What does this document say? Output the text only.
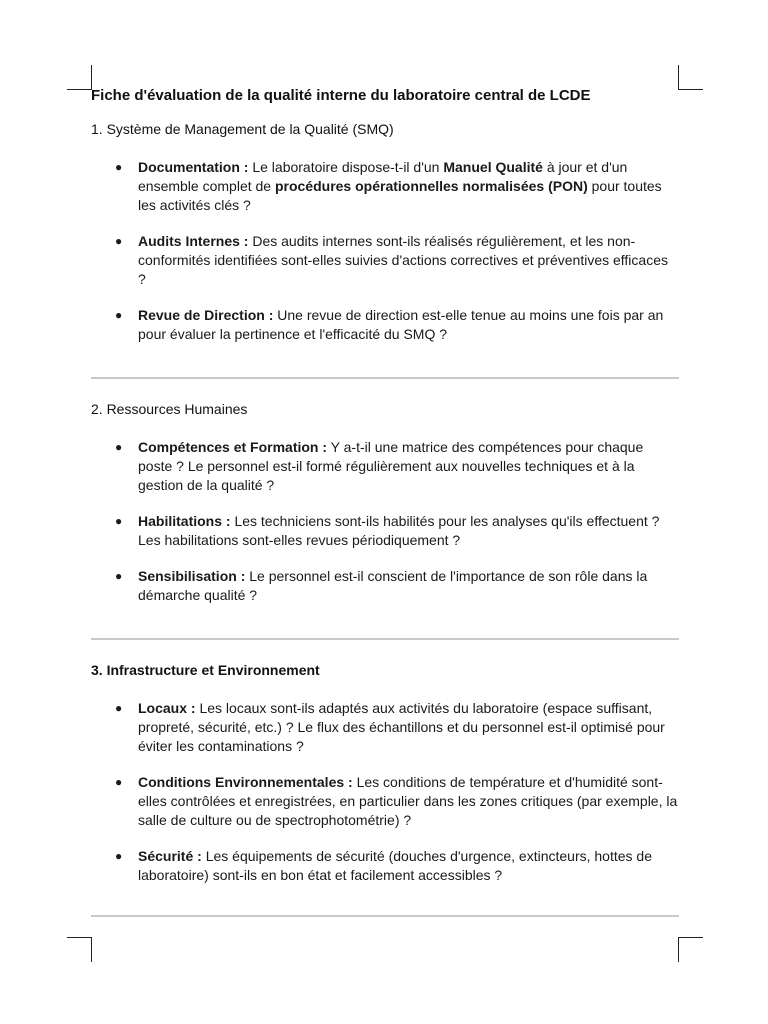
Fiche d'évaluation de la qualité interne du laboratoire central de LCDE
1. Système de Management de la Qualité (SMQ)
● Documentation : Le laboratoire dispose-t-il d'un Manuel Qualité à jour et d'un ensemble complet de procédures opérationnelles normalisées (PON) pour toutes les activités clés ?
● Audits Internes : Des audits internes sont-ils réalisés régulièrement, et les non-conformités identifiées sont-elles suivies d'actions correctives et préventives efficaces ?
● Revue de Direction : Une revue de direction est-elle tenue au moins une fois par an pour évaluer la pertinence et l'efficacité du SMQ ?
2. Ressources Humaines
● Compétences et Formation : Y a-t-il une matrice des compétences pour chaque poste ? Le personnel est-il formé régulièrement aux nouvelles techniques et à la gestion de la qualité ?
● Habilitations : Les techniciens sont-ils habilités pour les analyses qu'ils effectuent ? Les habilitations sont-elles revues périodiquement ?
● Sensibilisation : Le personnel est-il conscient de l'importance de son rôle dans la démarche qualité ?
3. Infrastructure et Environnement
● Locaux : Les locaux sont-ils adaptés aux activités du laboratoire (espace suffisant, propreté, sécurité, etc.) ? Le flux des échantillons et du personnel est-il optimisé pour éviter les contaminations ?
● Conditions Environnementales : Les conditions de température et d'humidité sont-elles contrôlées et enregistrées, en particulier dans les zones critiques (par exemple, la salle de culture ou de spectrophotométrie) ?
● Sécurité : Les équipements de sécurité (douches d'urgence, extincteurs, hottes de laboratoire) sont-ils en bon état et facilement accessibles ?
